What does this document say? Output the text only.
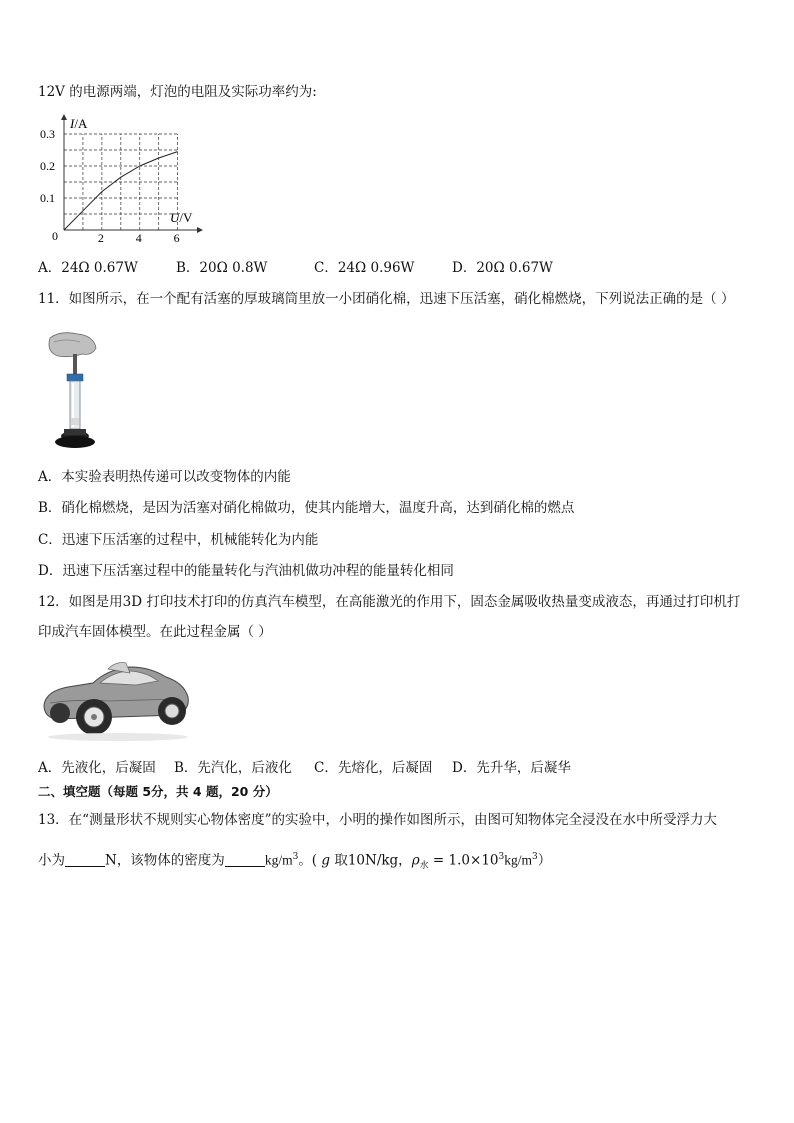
12V 的电源两端，灯泡的电阻及实际功率约为:
2	4	6
0.1
0.2
0.3
I/A
U/V
0
A．24Ω 0.67W	B．20Ω 0.8W	C．24Ω 0.96W	D．20Ω 0.67W
11．如图所示，在一个配有活塞的厚玻璃筒里放一小团硝化棉，迅速下压活塞，硝化棉燃烧，下列说法正确的是（ ）
A．本实验表明热传递可以改变物体的内能
B．硝化棉燃烧，是因为活塞对硝化棉做功，使其内能增大，温度升高，达到硝化棉的燃点
C．迅速下压活塞的过程中，机械能转化为内能
D．迅速下压活塞过程中的能量转化与汽油机做功冲程的能量转化相同
12．如图是用3D 打印技术打印的仿真汽车模型，在高能激光的作用下，固态金属吸收热量变成液态，再通过打印机打
印成汽车固体模型。在此过程金属（ ）
A．先液化，后凝固 B．先汽化，后液化 C．先熔化，后凝固 D．先升华，后凝华
二、填空题（每题 5分，共 4 题，20 分）
13．在“测量形状不规则实心物体密度”的实验中，小明的操作如图所示，由图可知物体完全浸没在水中所受浮力大
小为	N，该物体的密度为	$kg/m^3$。( g 取10N/kg，$\rho_水 = 1.0\times 10^3kg/m^3$）
